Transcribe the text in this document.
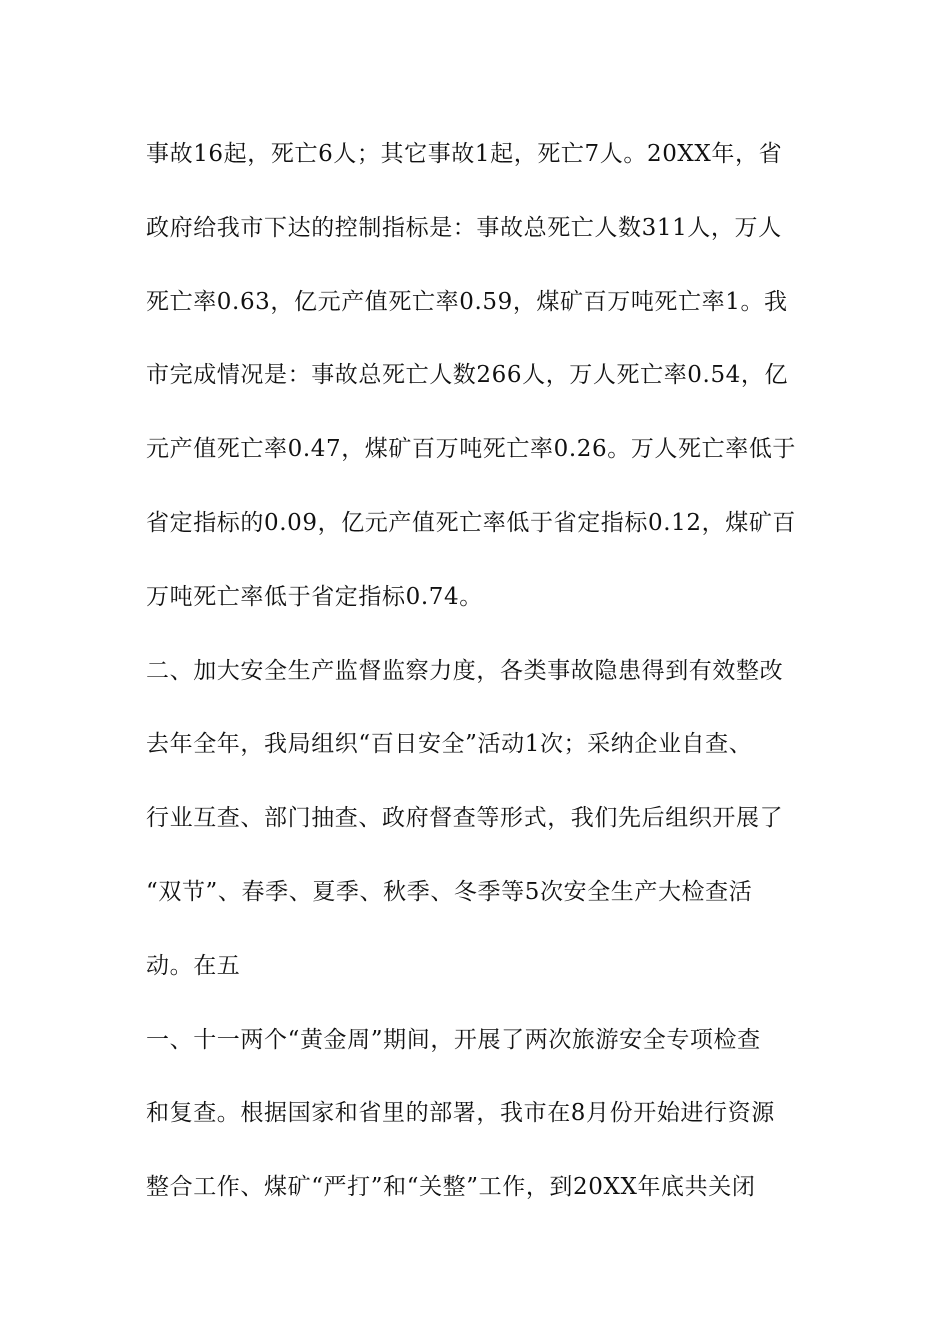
事故16起，死亡6人；其它事故1起，死亡7人。20XX年，省
政府给我市下达的控制指标是：事故总死亡人数311人，万人
死亡率0.63，亿元产值死亡率0.59，煤矿百万吨死亡率1。我
市完成情况是：事故总死亡人数266人，万人死亡率0.54，亿
元产值死亡率0.47，煤矿百万吨死亡率0.26。万人死亡率低于
省定指标的0.09，亿元产值死亡率低于省定指标0.12，煤矿百
万吨死亡率低于省定指标0.74。
二、加大安全生产监督监察力度，各类事故隐患得到有效整改
去年全年，我局组织“百日安全”活动1次；采纳企业自查、
行业互查、部门抽查、政府督查等形式，我们先后组织开展了
“双节”、春季、夏季、秋季、冬季等5次安全生产大检查活
动。在五
一、十一两个“黄金周”期间，开展了两次旅游安全专项检查
和复查。根据国家和省里的部署，我市在8月份开始进行资源
整合工作、煤矿“严打”和“关整”工作，到20XX年底共关闭
